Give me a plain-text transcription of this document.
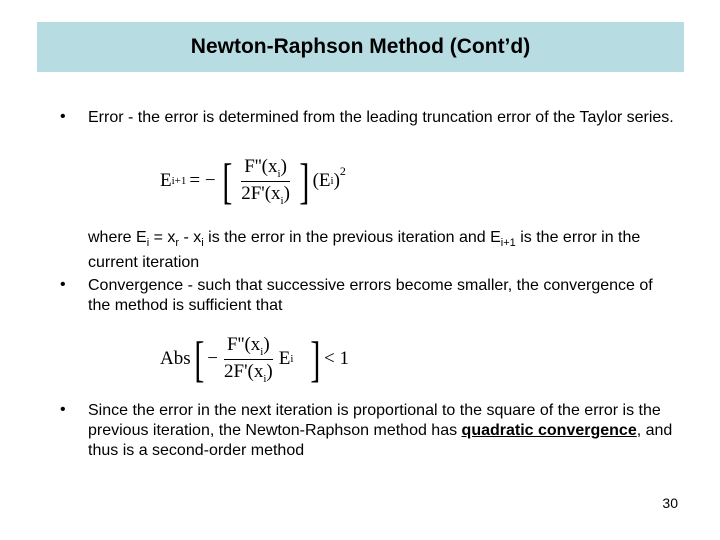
Newton-Raphson Method (Cont’d)
• Error - the error is determined from the leading truncation error of the Taylor series.
E i+1 = − [ $\frac{F''(x_i)}{2F'(x_i)}$ ] (E i )$^2$
where $E_i = x_r - x_i$ is the error in the previous iteration and $E_{i+1}$ is the error in the current iteration
• Convergence - such that successive errors become smaller, the convergence of the method is sufficient that
Abs [ − $\frac{F''(x_i)}{2F'(x_i)}$ E i ] < 1
• Since the error in the next iteration is proportional to the square of the error is the previous iteration, the Newton-Raphson method has quadratic convergence, and thus is a second-order method
30
